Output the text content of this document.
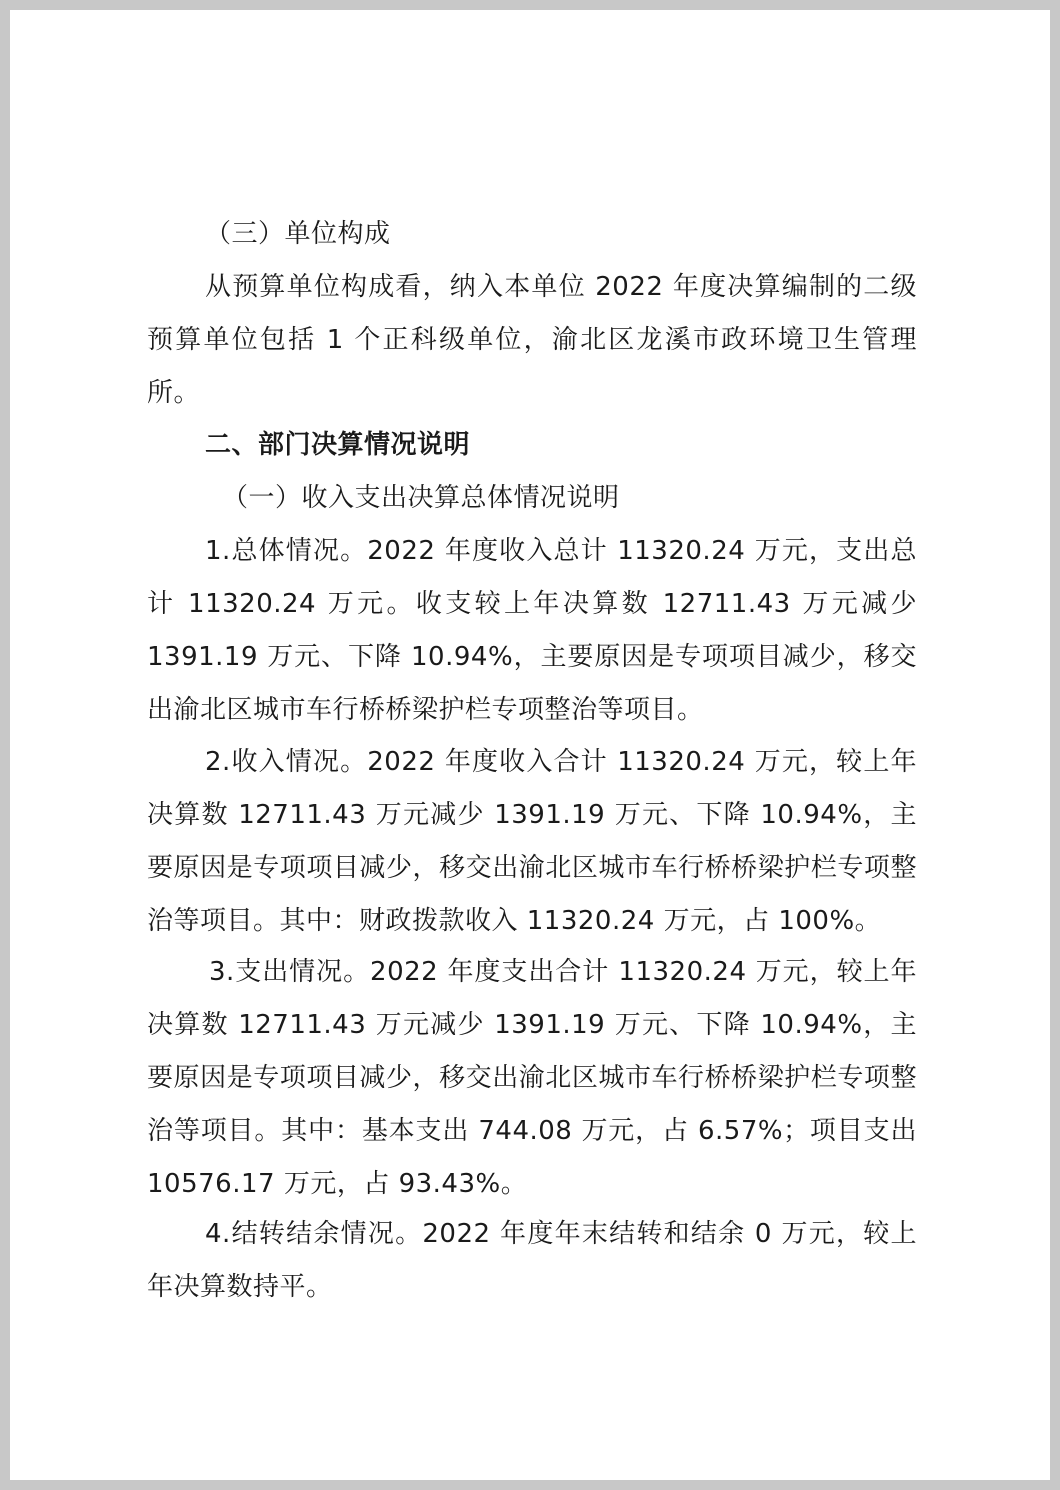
（三）单位构成

从预算单位构成看，纳入本单位 2022 年度决算编制的二级预算单位包括 1 个正科级单位，渝北区龙溪市政环境卫生管理所。

二、部门决算情况说明

（一）收入支出决算总体情况说明

1.总体情况。2022 年度收入总计 11320.24 万元，支出总计 11320.24 万元。收支较上年决算数 12711.43 万元减少 1391.19 万元、下降 10.94%，主要原因是专项项目减少，移交出渝北区城市车行桥桥梁护栏专项整治等项目。

2.收入情况。2022 年度收入合计 11320.24 万元，较上年决算数 12711.43 万元减少 1391.19 万元、下降 10.94%，主要原因是专项项目减少，移交出渝北区城市车行桥桥梁护栏专项整治等项目。其中：财政拨款收入 11320.24 万元，占 100%。

3.支出情况。2022 年度支出合计 11320.24 万元，较上年决算数 12711.43 万元减少 1391.19 万元、下降 10.94%，主要原因是专项项目减少，移交出渝北区城市车行桥桥梁护栏专项整治等项目。其中：基本支出 744.08 万元，占 6.57%；项目支出 10576.17 万元，占 93.43%。

4.结转结余情况。2022 年度年末结转和结余 0 万元，较上年决算数持平。
